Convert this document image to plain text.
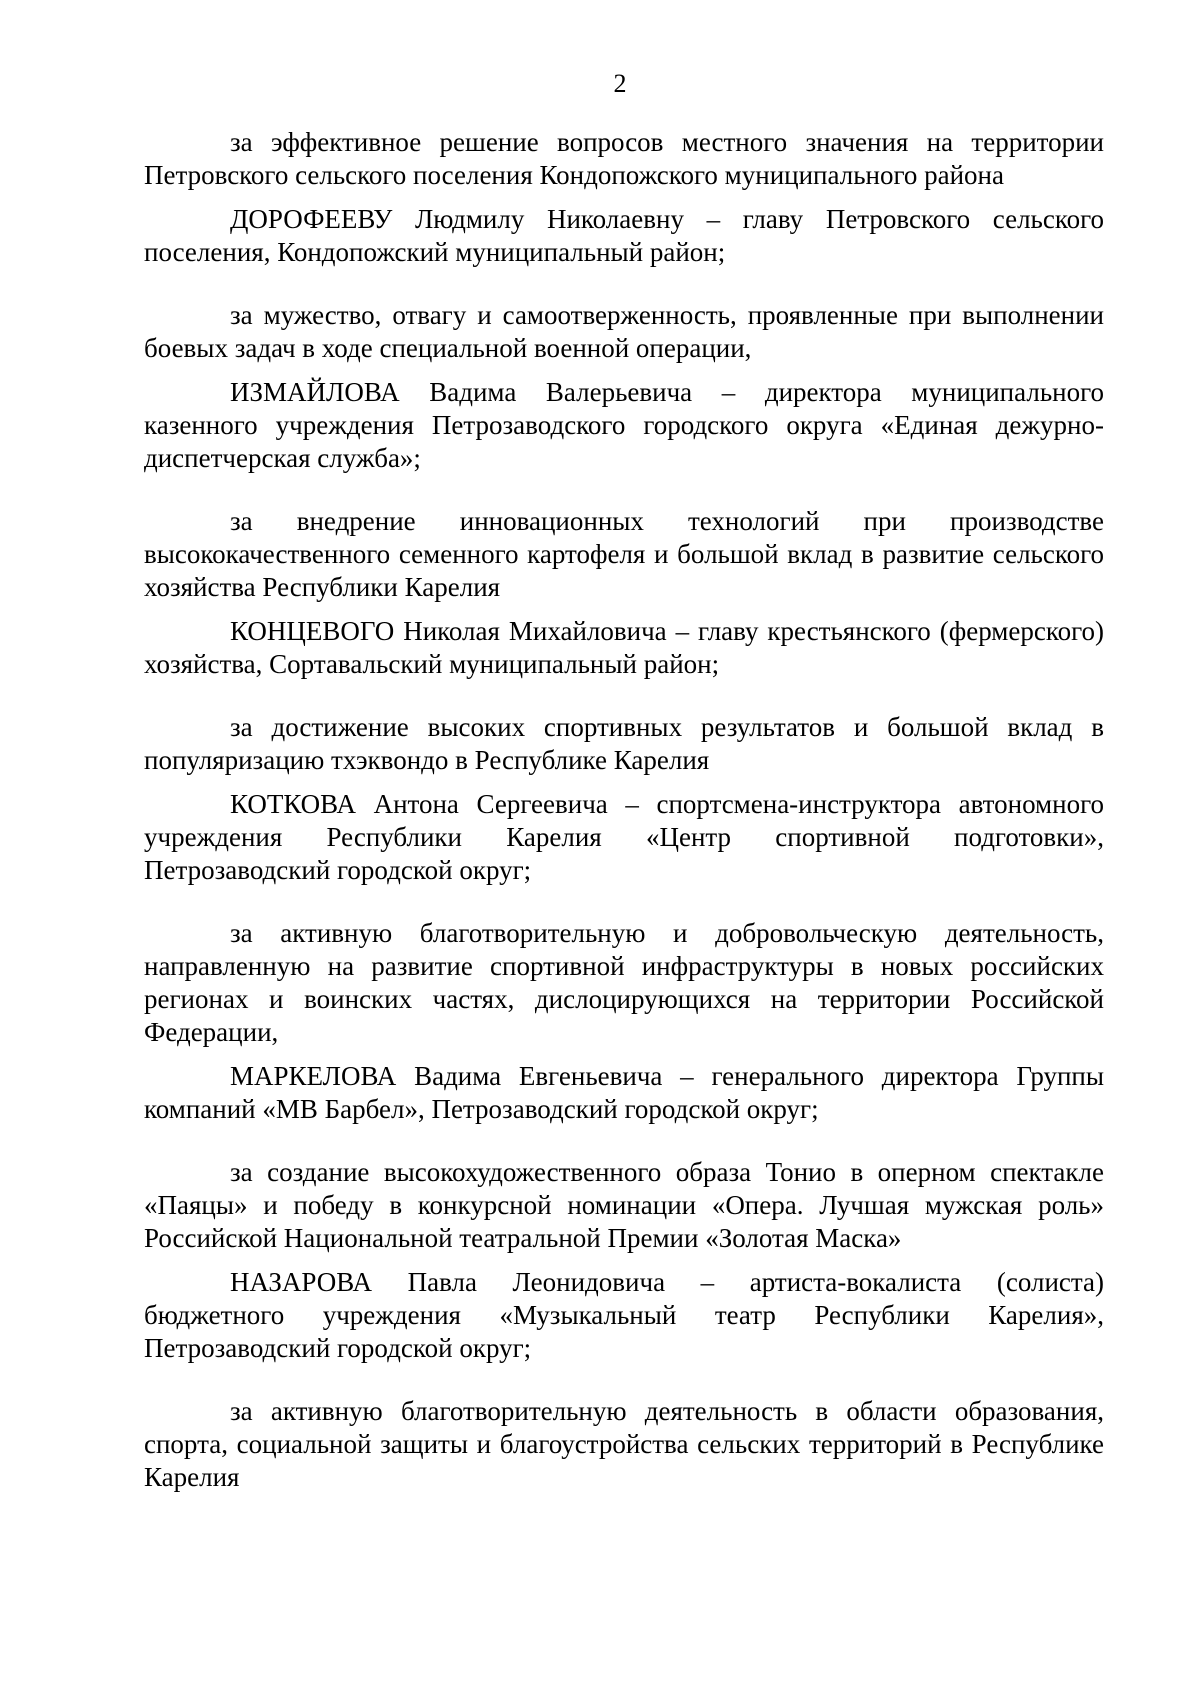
2

за эффективное решение вопросов местного значения на территории Петровского сельского поселения Кондопожского муниципального района

ДОРОФЕЕВУ Людмилу Николаевну – главу Петровского сельского поселения, Кондопожский муниципальный район;

за мужество, отвагу и самоотверженность, проявленные при выполнении боевых задач в ходе специальной военной операции,

ИЗМАЙЛОВА Вадима Валерьевича – директора муниципального казенного учреждения Петрозаводского городского округа «Единая дежурно-диспетчерская служба»;

за внедрение инновационных технологий при производстве высококачественного семенного картофеля и большой вклад в развитие сельского хозяйства Республики Карелия

КОНЦЕВОГО Николая Михайловича – главу крестьянского (фермерского) хозяйства, Сортавальский муниципальный район;

за достижение высоких спортивных результатов и большой вклад в популяризацию тхэквондо в Республике Карелия

КОТКОВА Антона Сергеевича – спортсмена-инструктора автономного учреждения Республики Карелия «Центр спортивной подготовки», Петрозаводский городской округ;

за активную благотворительную и добровольческую деятельность, направленную на развитие спортивной инфраструктуры в новых российских регионах и воинских частях, дислоцирующихся на территории Российской Федерации,

МАРКЕЛОВА Вадима Евгеньевича – генерального директора Группы компаний «МВ Барбел», Петрозаводский городской округ;

за создание высокохудожественного образа Тонио в оперном спектакле «Паяцы» и победу в конкурсной номинации «Опера. Лучшая мужская роль» Российской Национальной театральной Премии «Золотая Маска»

НАЗАРОВА Павла Леонидовича – артиста-вокалиста (солиста) бюджетного учреждения «Музыкальный театр Республики Карелия», Петрозаводский городской округ;

за активную благотворительную деятельность в области образования, спорта, социальной защиты и благоустройства сельских территорий в Республике Карелия
